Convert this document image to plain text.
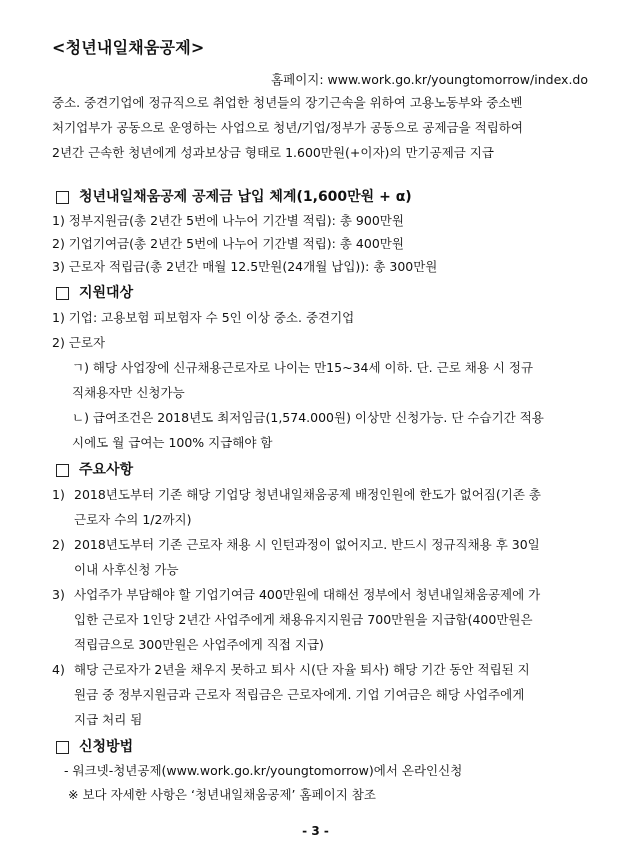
<청년내일채움공제>
홈페이지: www.work.go.kr/youngtomorrow/index.do
중소. 중견기업에 정규직으로 취업한 청년들의 장기근속을 위하여 고용노동부와 중소벤
처기업부가 공동으로 운영하는 사업으로 청년/기업/정부가 공동으로 공제금을 적립하여
2년간 근속한 청년에게 성과보상금 형태로 1.600만원(+이자)의 만기공제금 지급
청년내일채움공제 공제금 납입 체계(1,600만원 + α)
1) 정부지원금(총 2년간 5번에 나누어 기간별 적립): 총 900만원
2) 기업기여금(총 2년간 5번에 나누어 기간별 적립): 총 400만원
3) 근로자 적립금(총 2년간 매월 12.5만원(24개월 납입)): 총 300만원
지원대상
1) 기업: 고용보험 피보험자 수 5인 이상 중소. 중견기업
2) 근로자
ㄱ) 해당 사업장에 신규채용근로자로 나이는 만15~34세 이하. 단. 근로 채용 시 정규
직채용자만 신청가능
ㄴ) 급여조건은 2018년도 최저임금(1,574.000원) 이상만 신청가능. 단 수습기간 적용
시에도 월 급여는 100% 지급해야 함
주요사항
1) 2018년도부터 기존 해당 기업당 청년내일채움공제 배정인원에 한도가 없어짐(기존 총
근로자 수의 1/2까지)
2) 2018년도부터 기존 근로자 채용 시 인턴과정이 없어지고. 반드시 정규직채용 후 30일
이내 사후신청 가능
3) 사업주가 부담해야 할 기업기여금 400만원에 대해선 정부에서 청년내일채움공제에 가
입한 근로자 1인당 2년간 사업주에게 채용유지지원금 700만원을 지급함(400만원은
적립금으로 300만원은 사업주에게 직접 지급)
4) 해당 근로자가 2년을 채우지 못하고 퇴사 시(단 자율 퇴사) 해당 기간 동안 적립된 지
원금 중 정부지원금과 근로자 적립금은 근로자에게. 기업 기여금은 해당 사업주에게
지급 처리 됨
신청방법
- 워크넷-청년공제(www.work.go.kr/youngtomorrow)에서 온라인신청
※ 보다 자세한 사항은 ‘청년내일채움공제’ 홈페이지 참조
- 3 -
